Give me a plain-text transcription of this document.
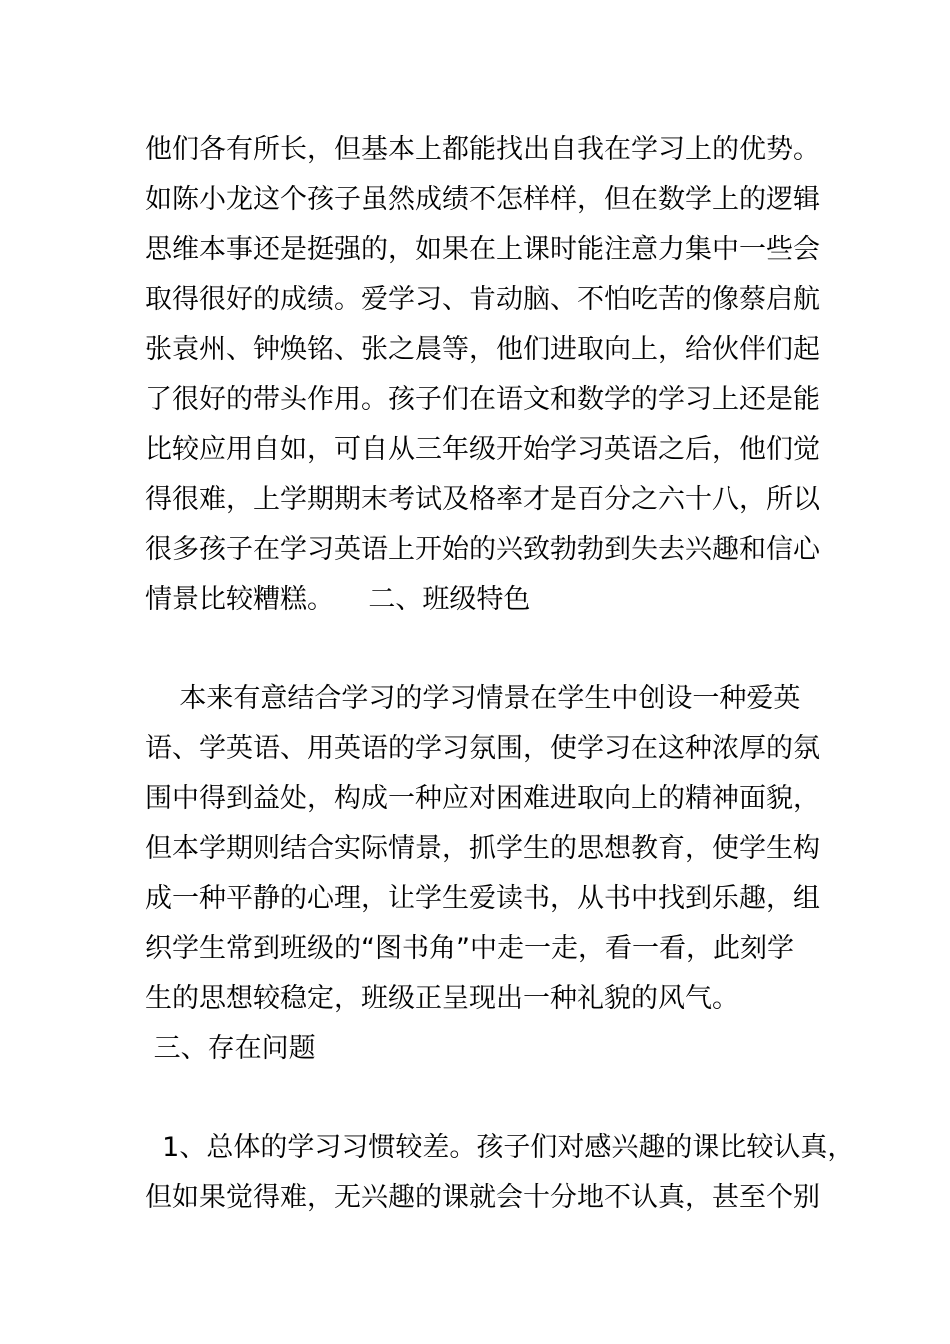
他们各有所长，但基本上都能找出自我在学习上的优势。

如陈小龙这个孩子虽然成绩不怎样样，但在数学上的逻辑

思维本事还是挺强的，如果在上课时能注意力集中一些会

取得很好的成绩。爱学习、肯动脑、不怕吃苦的像蔡启航

张袁州、钟焕铭、张之晨等，他们进取向上，给伙伴们起

了很好的带头作用。孩子们在语文和数学的学习上还是能

比较应用自如，可自从三年级开始学习英语之后，他们觉

得很难，上学期期末考试及格率才是百分之六十八，所以

很多孩子在学习英语上开始的兴致勃勃到失去兴趣和信心

情景比较糟糕。    二、班级特色

本来有意结合学习的学习情景在学生中创设一种爱英

语、学英语、用英语的学习氛围，使学习在这种浓厚的氛

围中得到益处，构成一种应对困难进取向上的精神面貌，

但本学期则结合实际情景，抓学生的思想教育，使学生构

成一种平静的心理，让学生爱读书，从书中找到乐趣，组

织学生常到班级的“图书角”中走一走，看一看，此刻学

生的思想较稳定，班级正呈现出一种礼貌的风气。

三、存在问题

1、总体的学习习惯较差。孩子们对感兴趣的课比较认真，

但如果觉得难，无兴趣的课就会十分地不认真，甚至个别
